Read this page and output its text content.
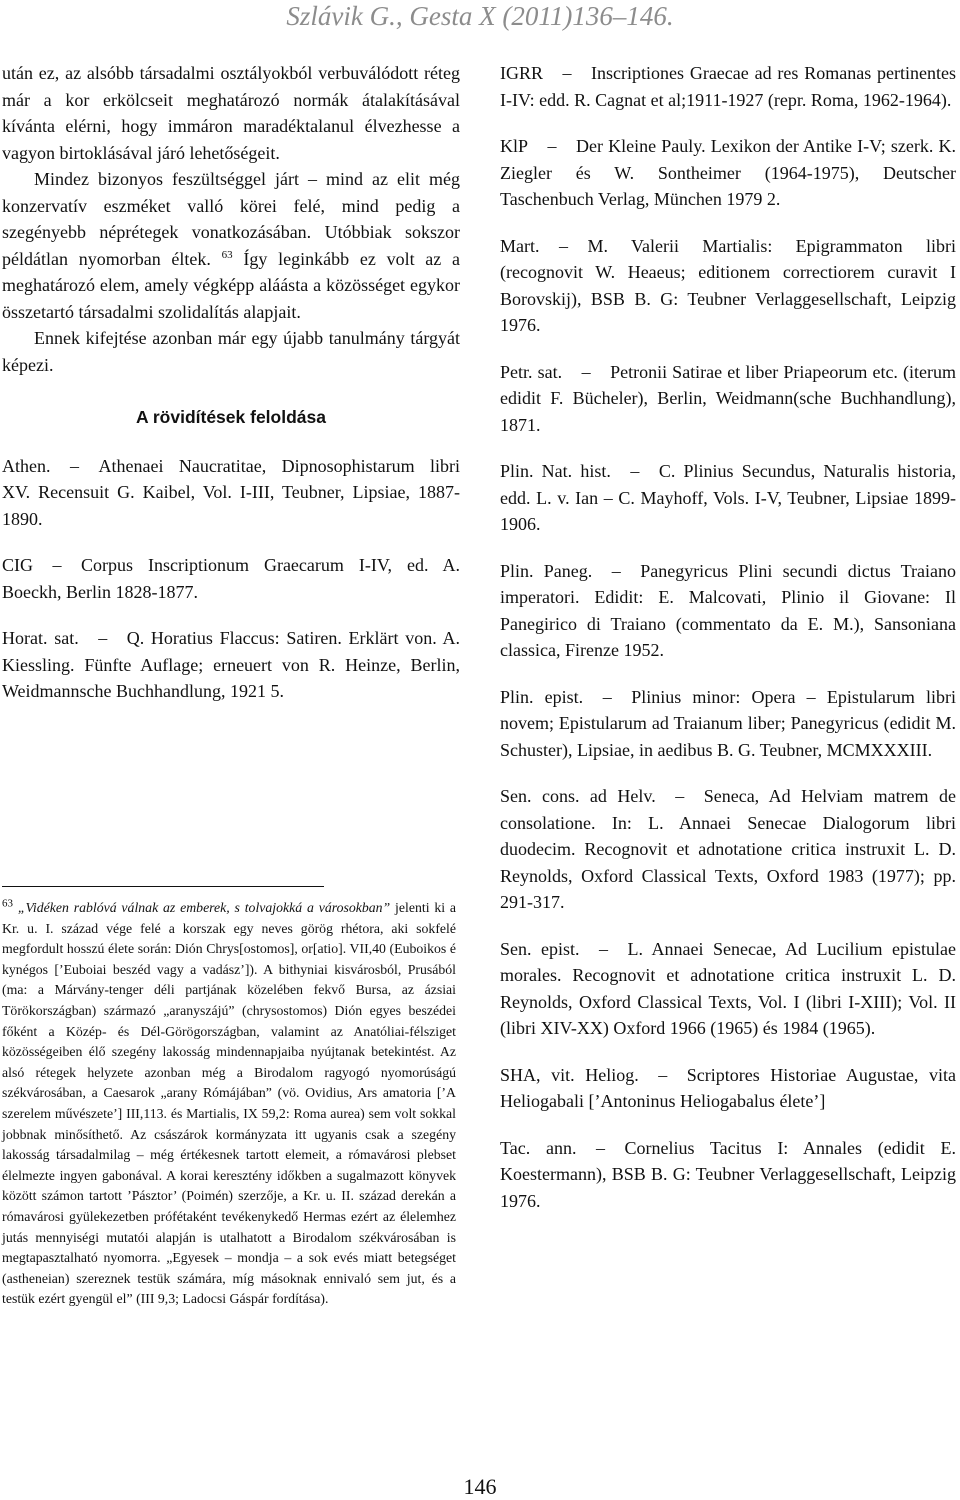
Szlávik G., Gesta X (2011)136–146.

után ez, az alsóbb társadalmi osztályokból verbuválódott réteg már a kor erkölcseit meghatározó normák átalakításával kívánta elérni, hogy immáron maradéktalanul élvezhesse a vagyon birtoklásával járó lehetőségeit.

Mindez bizonyos feszültséggel járt – mind az elit még konzervatív eszméket valló körei felé, mind pedig a szegényebb néprétegek vonatkozásában. Utóbbiak sokszor példátlan nyomorban éltek. $^{63}$ Így leginkább ez volt az a meghatározó elem, amely végképp aláásta a közösséget egykor összetartó társadalmi szolidalítás alapjait.

Ennek kifejtése azonban már egy újabb tanulmány tárgyát képezi.

A rövidítések feloldása

Athen. – Athenaei Naucratitae, Dipnosophistarum libri XV. Recensuit G. Kaibel, Vol. I-III, Teubner, Lipsiae, 1887-1890.

CIG – Corpus Inscriptionum Graecarum I-IV, ed. A. Boeckh, Berlin 1828-1877.

Horat. sat. – Q. Horatius Flaccus: Satiren. Erklärt von. A. Kiessling. Fünfte Auflage; erneuert von R. Heinze, Berlin, Weidmannsche Buchhandlung, 1921 5.

IGRR – Inscriptiones Graecae ad res Romanas pertinentes I-IV: edd. R. Cagnat et al;1911-1927 (repr. Roma, 1962-1964).

KlP – Der Kleine Pauly. Lexikon der Antike I-V; szerk. K. Ziegler és W. Sontheimer (1964-1975), Deutscher Taschenbuch Verlag, München 1979 2.

Mart. – M. Valerii Martialis: Epigrammaton libri (recognovit W. Heaeus; editionem correctiorem curavit I Borovskij), BSB B. G: Teubner Verlaggesellschaft, Leipzig 1976.

Petr. sat. – Petronii Satirae et liber Priapeorum etc. (iterum edidit F. Bücheler), Berlin, Weidmann(sche Buchhandlung), 1871.

Plin. Nat. hist. – C. Plinius Secundus, Naturalis historia, edd. L. v. Ian – C. Mayhoff, Vols. I-V, Teubner, Lipsiae 1899-1906.

Plin. Paneg. – Panegyricus Plini secundi dictus Traiano imperatori. Edidit: E. Malcovati, Plinio il Giovane: Il Panegirico di Traiano (commentato da E. M.), Sansoniana classica, Firenze 1952.

Plin. epist. – Plinius minor: Opera – Epistularum libri novem; Epistularum ad Traianum liber; Panegyricus (edidit M. Schuster), Lipsiae, in aedibus B. G. Teubner, MCMXXXIII.

Sen. cons. ad Helv. – Seneca, Ad Helviam matrem de consolatione. In: L. Annaei Senecae Dialogorum libri duodecim. Recognovit et adnotatione critica instruxit L. D. Reynolds, Oxford Classical Texts, Oxford 1983 (1977); pp. 291-317.

Sen. epist. – L. Annaei Senecae, Ad Lucilium epistulae morales. Recognovit et adnotatione critica instruxit L. D. Reynolds, Oxford Classical Texts, Vol. I (libri I-XIII); Vol. II (libri XIV-XX) Oxford 1966 (1965) és 1984 (1965).

SHA, vit. Heliog. – Scriptores Historiae Augustae, vita Heliogabali [’Antoninus Heliogabalus élete’]

Tac. ann. – Cornelius Tacitus I: Annales (edidit E. Koestermann), BSB B. G: Teubner Verlaggesellschaft, Leipzig 1976.

$^{63}$ „Vidéken rablóvá válnak az emberek, s tolvajokká a városokban” jelenti ki a Kr. u. I. század vége felé a korszak egy neves görög rhétora, aki sokfelé megfordult hosszú élete során: Dión Chrys[ostomos], or[atio]. VII,40 (Euboikos é kynégos [’Euboiai beszéd vagy a vadász’]). A bithyniai kisvárosból, Prusából (ma: a Márvány-tenger déli partjának közelében fekvő Bursa, az ázsiai Törökországban) származó „aranyszájú” (chrysostomos) Dión egyes beszédei főként a Közép- és Dél-Görögországban, valamint az Anatóliai-félsziget közösségeiben élő szegény lakosság mindennapjaiba nyújtanak betekintést. Az alsó rétegek helyzete azonban még a Birodalom ragyogó nyomorúságú székvárosában, a Caesarok „arany Rómájában” (vö. Ovidius, Ars amatoria [’A szerelem művészete’] III,113. és Martialis, IX 59,2: Roma aurea) sem volt sokkal jobbnak minősíthető. Az császárok kormányzata itt ugyanis csak a szegény lakosság társadalmilag – még értékesnek tartott elemeit, a rómavárosi plebset élelmezte ingyen gabonával. A korai keresztény időkben a sugalmazott könyvek között számon tartott ’Pásztor’ (Poimén) szerzője, a Kr. u. II. század derekán a rómavárosi gyülekezetben prófétaként tevékenykedő Hermas ezért az élelemhez jutás mennyiségi mutatói alapján is utalhatott a Birodalom székvárosában is megtapasztalható nyomorra. „Egyesek – mondja – a sok evés miatt betegséget (astheneian) szereznek testük számára, míg másoknak ennivaló sem jut, és a testük ezért gyengül el” (III 9,3; Ladocsi Gáspár fordítása).
146
